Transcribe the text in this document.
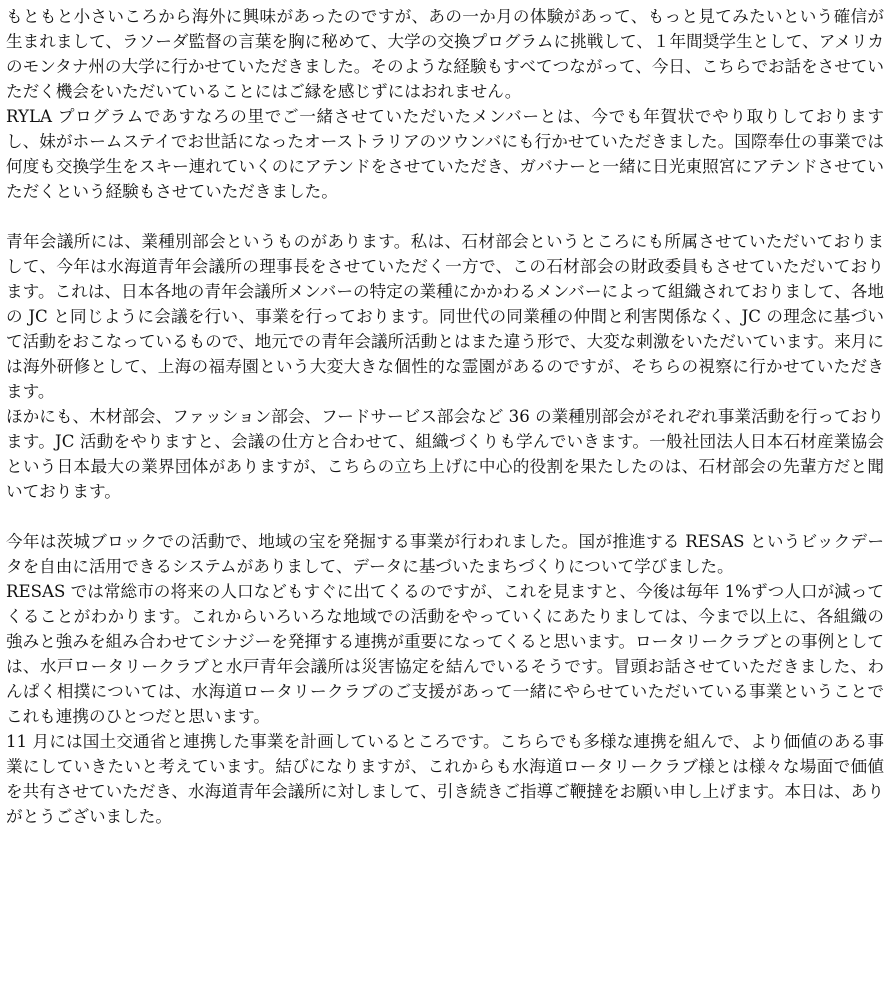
もともと小さいころから海外に興味があったのですが、あの一か月の体験があって、もっと見てみたいという確信が生まれまして、ラソーダ監督の言葉を胸に秘めて、大学の交換プログラムに挑戦して、１年間奨学生として、アメリカのモンタナ州の大学に行かせていただきました。そのような経験もすべてつながって、今日、こちらでお話をさせていただく機会をいただいていることにはご縁を感じずにはおれません。

RYLA プログラムであすなろの里でご一緒させていただいたメンバーとは、今でも年賀状でやり取りしておりますし、妹がホームステイでお世話になったオーストラリアのツウンバにも行かせていただきました。国際奉仕の事業では何度も交換学生をスキー連れていくのにアテンドをさせていただき、ガバナーと一緒に日光東照宮にアテンドさせていただくという経験もさせていただきました。

青年会議所には、業種別部会というものがあります。私は、石材部会というところにも所属させていただいておりまして、今年は水海道青年会議所の理事長をさせていただく一方で、この石材部会の財政委員もさせていただいております。これは、日本各地の青年会議所メンバーの特定の業種にかかわるメンバーによって組織されておりまして、各地の JC と同じように会議を行い、事業を行っております。同世代の同業種の仲間と利害関係なく、JC の理念に基づいて活動をおこなっているもので、地元での青年会議所活動とはまた違う形で、大変な刺激をいただいています。来月には海外研修として、上海の福寿園という大変大きな個性的な霊園があるのですが、そちらの視察に行かせていただきます。

ほかにも、木材部会、ファッション部会、フードサービス部会など 36 の業種別部会がそれぞれ事業活動を行っております。JC 活動をやりますと、会議の仕方と合わせて、組織づくりも学んでいきます。一般社団法人日本石材産業協会という日本最大の業界団体がありますが、こちらの立ち上げに中心的役割を果たしたのは、石材部会の先輩方だと聞いております。

今年は茨城ブロックでの活動で、地域の宝を発掘する事業が行われました。国が推進する RESAS というビックデータを自由に活用できるシステムがありまして、データに基づいたまちづくりについて学びました。

RESAS では常総市の将来の人口などもすぐに出てくるのですが、これを見ますと、今後は毎年 1%ずつ人口が減ってくることがわかります。これからいろいろな地域での活動をやっていくにあたりましては、今まで以上に、各組織の強みと強みを組み合わせてシナジーを発揮する連携が重要になってくると思います。ロータリークラブとの事例としては、水戸ロータリークラブと水戸青年会議所は災害協定を結んでいるそうです。冒頭お話させていただきました、わんぱく相撲については、水海道ロータリークラブのご支援があって一緒にやらせていただいている事業ということでこれも連携のひとつだと思います。

11 月には国土交通省と連携した事業を計画しているところです。こちらでも多様な連携を組んで、より価値のある事業にしていきたいと考えています。結びになりますが、これからも水海道ロータリークラブ様とは様々な場面で価値を共有させていただき、水海道青年会議所に対しまして、引き続きご指導ご鞭撻をお願い申し上げます。本日は、ありがとうございました。
